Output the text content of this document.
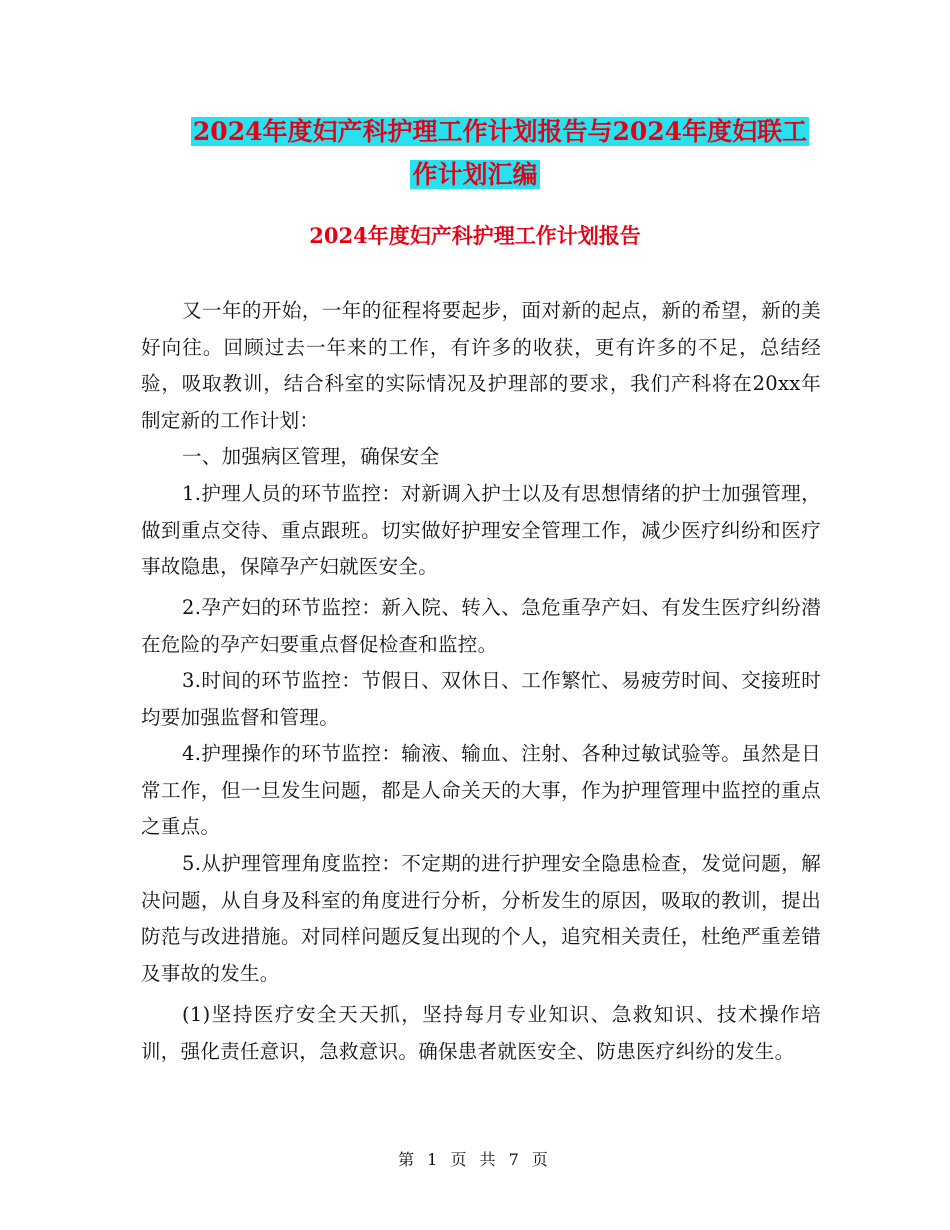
2024年度妇产科护理工作计划报告与2024年度妇联工
作计划汇编
2024年度妇产科护理工作计划报告

又一年的开始，一年的征程将要起步，面对新的起点，新的希望，新的美好向往。回顾过去一年来的工作，有许多的收获，更有许多的不足，总结经验，吸取教训，结合科室的实际情况及护理部的要求，我们产科将在20xx年制定新的工作计划：

一、加强病区管理，确保安全

1.护理人员的环节监控：对新调入护士以及有思想情绪的护士加强管理，做到重点交待、重点跟班。切实做好护理安全管理工作，减少医疗纠纷和医疗事故隐患，保障孕产妇就医安全。

2.孕产妇的环节监控：新入院、转入、急危重孕产妇、有发生医疗纠纷潜在危险的孕产妇要重点督促检查和监控。

3.时间的环节监控：节假日、双休日、工作繁忙、易疲劳时间、交接班时均要加强监督和管理。

4.护理操作的环节监控：输液、输血、注射、各种过敏试验等。虽然是日常工作，但一旦发生问题，都是人命关天的大事，作为护理管理中监控的重点之重点。

5.从护理管理角度监控：不定期的进行护理安全隐患检查，发觉问题，解决问题，从自身及科室的角度进行分析，分析发生的原因，吸取的教训，提出防范与改进措施。对同样问题反复出现的个人，追究相关责任，杜绝严重差错及事故的发生。

(1)坚持医疗安全天天抓，坚持每月专业知识、急救知识、技术操作培训，强化责任意识，急救意识。确保患者就医安全、防患医疗纠纷的发生。

第 1 页 共 7 页
